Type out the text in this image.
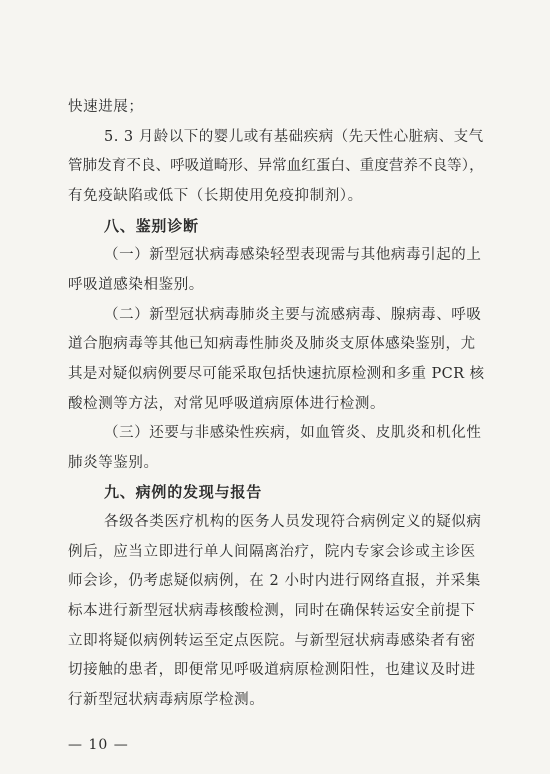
快速进展；
5. 3 月龄以下的婴儿或有基础疾病（先天性心脏病、支气
管肺发育不良、呼吸道畸形、异常血红蛋白、重度营养不良等），
有免疫缺陷或低下（长期使用免疫抑制剂）。
八、鉴别诊断
（一）新型冠状病毒感染轻型表现需与其他病毒引起的上
呼吸道感染相鉴别。
（二）新型冠状病毒肺炎主要与流感病毒、腺病毒、呼吸
道合胞病毒等其他已知病毒性肺炎及肺炎支原体感染鉴别，尤
其是对疑似病例要尽可能采取包括快速抗原检测和多重 PCR 核
酸检测等方法，对常见呼吸道病原体进行检测。
（三）还要与非感染性疾病，如血管炎、皮肌炎和机化性
肺炎等鉴别。
九、病例的发现与报告
各级各类医疗机构的医务人员发现符合病例定义的疑似病
例后，应当立即进行单人间隔离治疗，院内专家会诊或主诊医
师会诊，仍考虑疑似病例，在 2 小时内进行网络直报，并采集
标本进行新型冠状病毒核酸检测，同时在确保转运安全前提下
立即将疑似病例转运至定点医院。与新型冠状病毒感染者有密
切接触的患者，即便常见呼吸道病原检测阳性，也建议及时进
行新型冠状病毒病原学检测。
— 10 —
